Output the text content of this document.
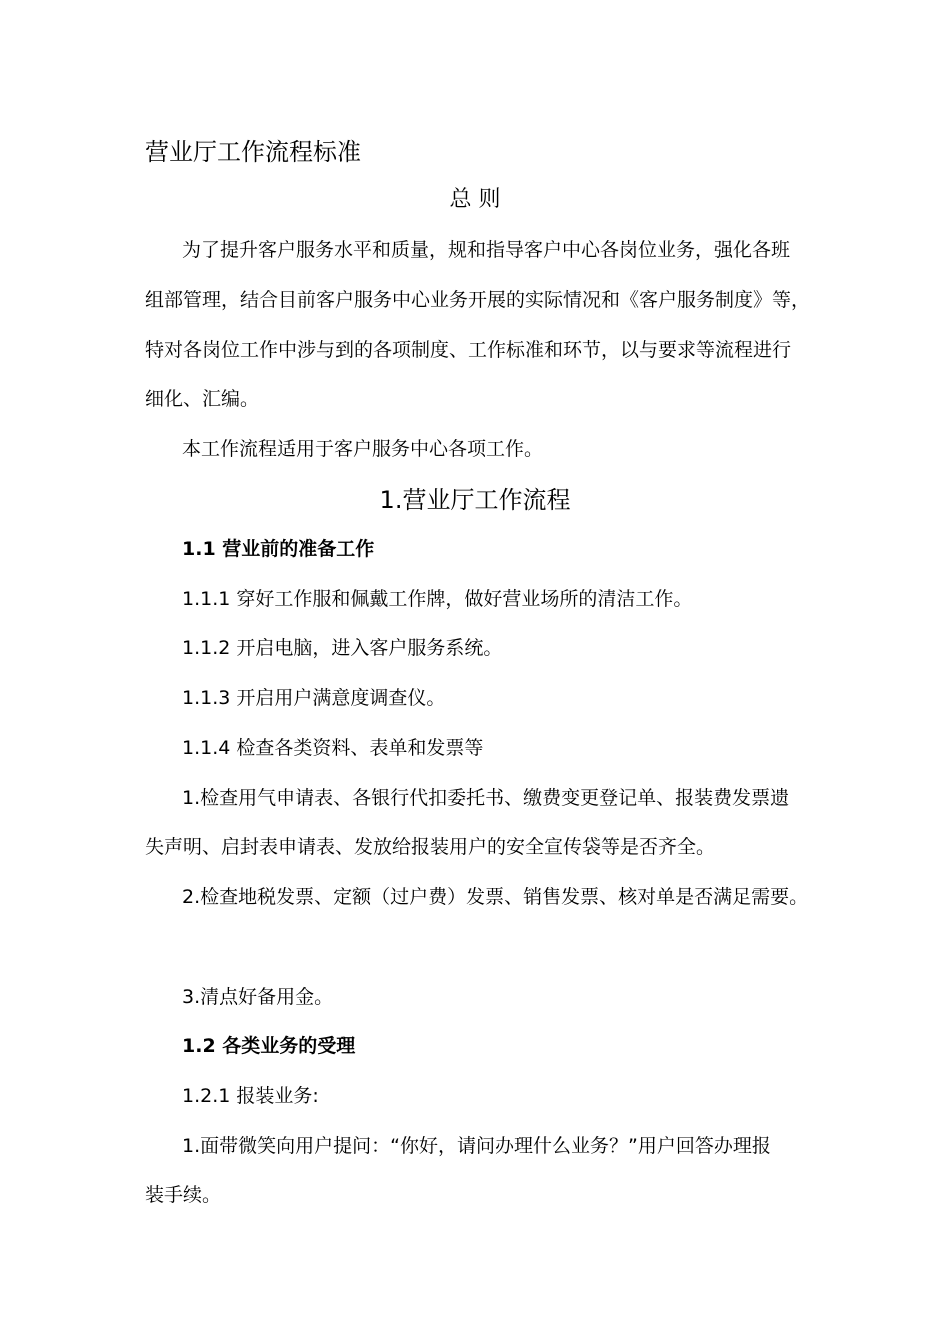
营业厅工作流程标准
总 则
为了提升客户服务水平和质量，规和指导客户中心各岗位业务，强化各班
组部管理，结合目前客户服务中心业务开展的实际情况和《客户服务制度》等，
特对各岗位工作中涉与到的各项制度、工作标准和环节，以与要求等流程进行
细化、汇编。
本工作流程适用于客户服务中心各项工作。
1.营业厅工作流程
1.1 营业前的准备工作
1.1.1 穿好工作服和佩戴工作牌，做好营业场所的清洁工作。
1.1.2 开启电脑，进入客户服务系统。
1.1.3 开启用户满意度调查仪。
1.1.4 检查各类资料、表单和发票等
1.检查用气申请表、各银行代扣委托书、缴费变更登记单、报装费发票遗
失声明、启封表申请表、发放给报装用户的安全宣传袋等是否齐全。
2.检查地税发票、定额（过户费）发票、销售发票、核对单是否满足需要。
3.清点好备用金。
1.2 各类业务的受理
1.2.1 报装业务:
1.面带微笑向用户提问：“你好，请问办理什么业务？”用户回答办理报
装手续。
